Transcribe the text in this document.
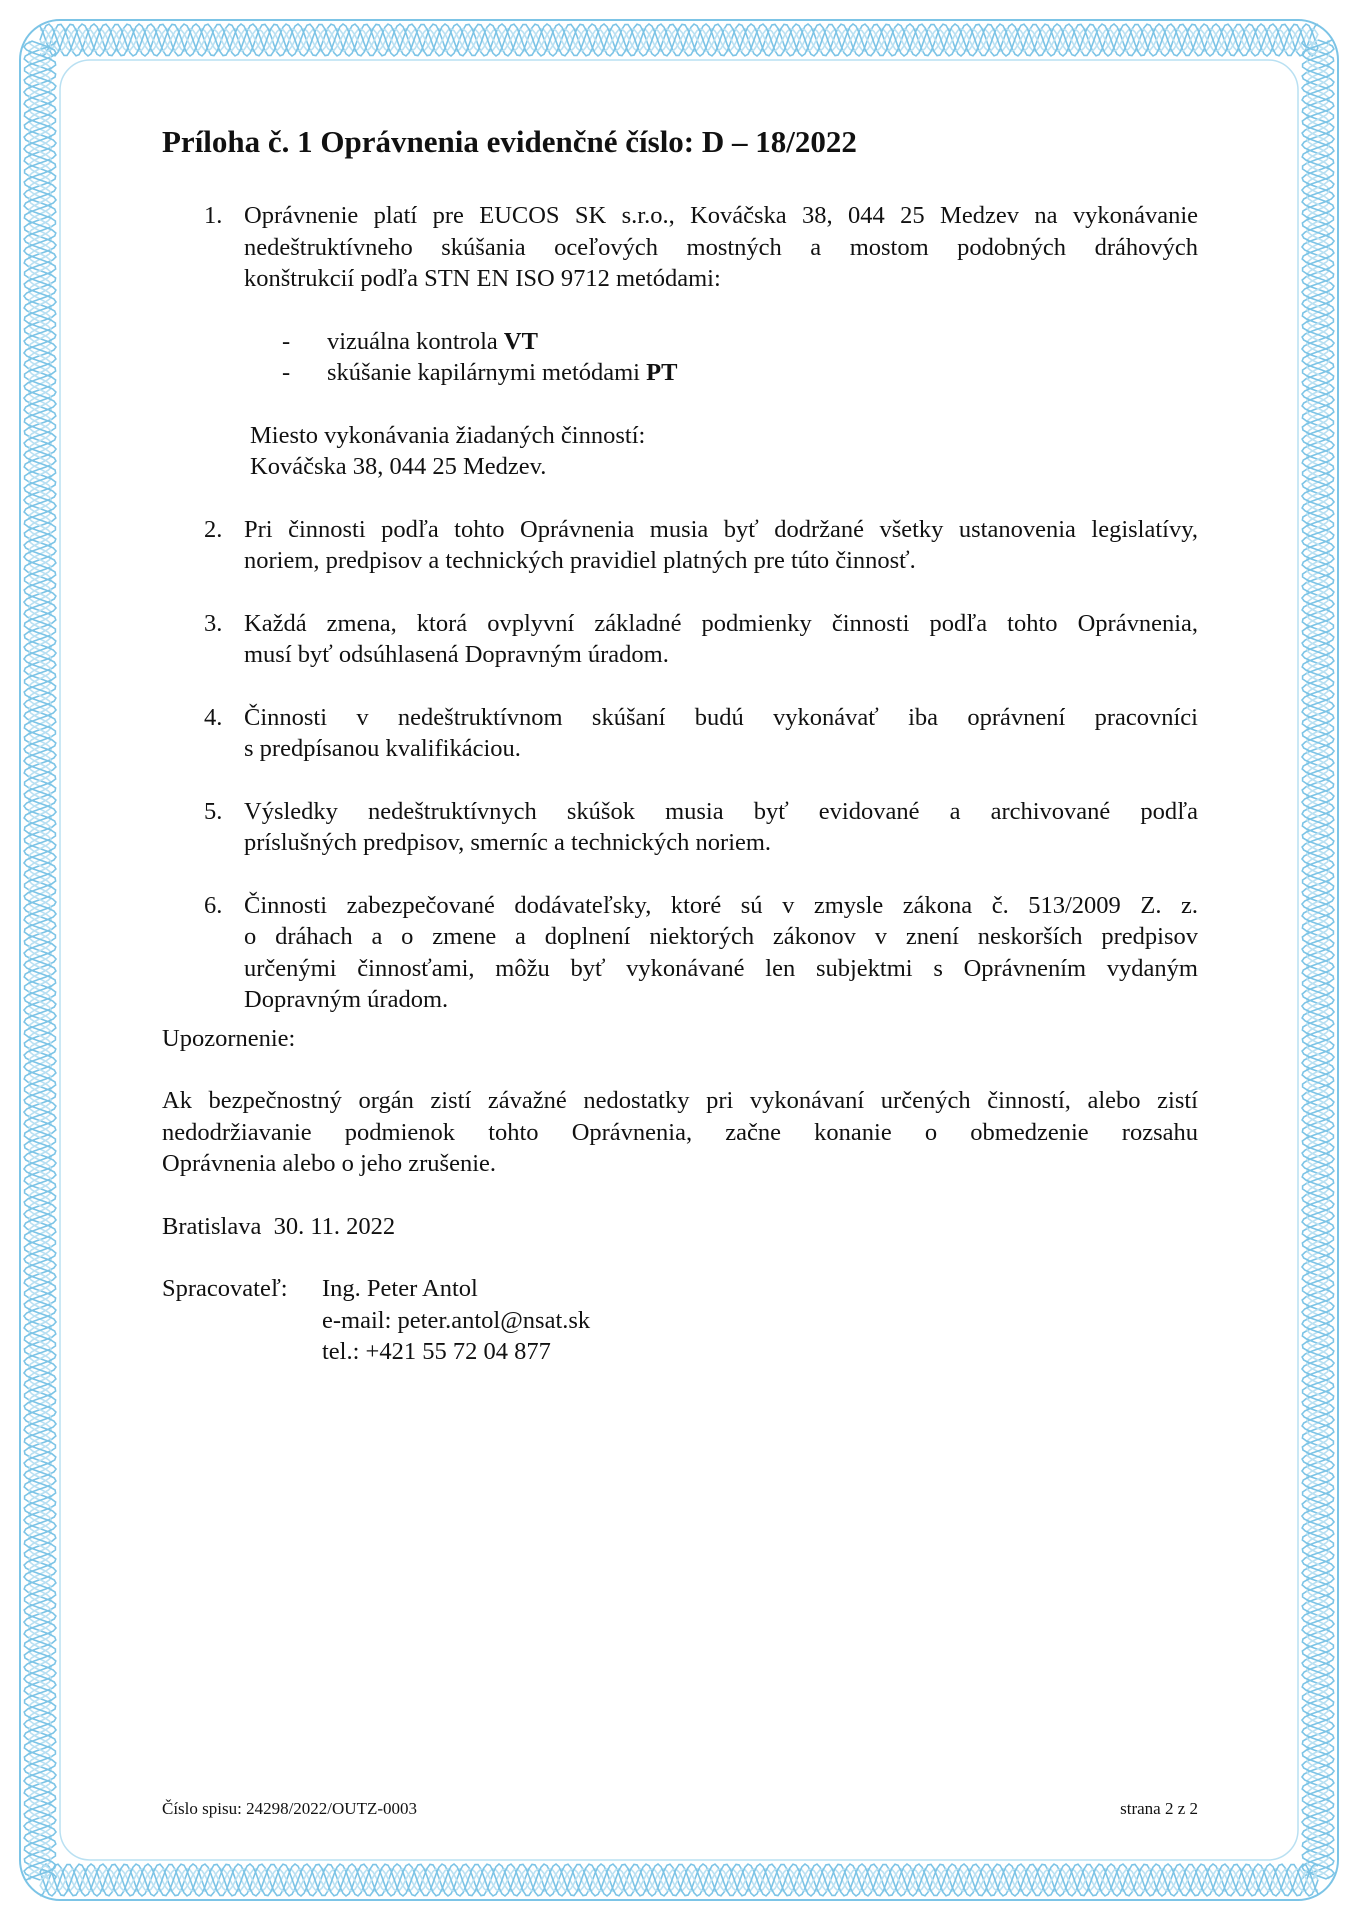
Príloha č. 1 Oprávnenia evidenčné číslo: D – 18/2022
1. Oprávnenie platí pre EUCOS SK s.r.o., Kováčska 38, 044 25 Medzev na vykonávanie
nedeštruktívneho skúšania oceľových mostných a mostom podobných dráhových
konštrukcií podľa STN EN ISO 9712 metódami:
- vizuálna kontrola VT
- skúšanie kapilárnymi metódami PT
Miesto vykonávania žiadaných činností:
Kováčska 38, 044 25 Medzev.
2. Pri činnosti podľa tohto Oprávnenia musia byť dodržané všetky ustanovenia legislatívy,
noriem, predpisov a technických pravidiel platných pre túto činnosť.
3. Každá zmena, ktorá ovplyvní základné podmienky činnosti podľa tohto Oprávnenia,
musí byť odsúhlasená Dopravným úradom.
4. Činnosti v nedeštruktívnom skúšaní budú vykonávať iba oprávnení pracovníci
s predpísanou kvalifikáciou.
5. Výsledky nedeštruktívnych skúšok musia byť evidované a archivované podľa
príslušných predpisov, smerníc a technických noriem.
6. Činnosti zabezpečované dodávateľsky, ktoré sú v zmysle zákona č. 513/2009 Z. z.
o dráhach a o zmene a doplnení niektorých zákonov v znení neskorších predpisov
určenými činnosťami, môžu byť vykonávané len subjektmi s Oprávnením vydaným
Dopravným úradom.
Upozornenie:
Ak bezpečnostný orgán zistí závažné nedostatky pri vykonávaní určených činností, alebo zistí
nedodržiavanie podmienok tohto Oprávnenia, začne konanie o obmedzenie rozsahu
Oprávnenia alebo o jeho zrušenie.
Bratislava  30. 11. 2022
Spracovateľ: Ing. Peter Antol
e-mail: peter.antol@nsat.sk
tel.: +421 55 72 04 877
Číslo spisu: 24298/2022/OUTZ-0003	strana 2 z 2
